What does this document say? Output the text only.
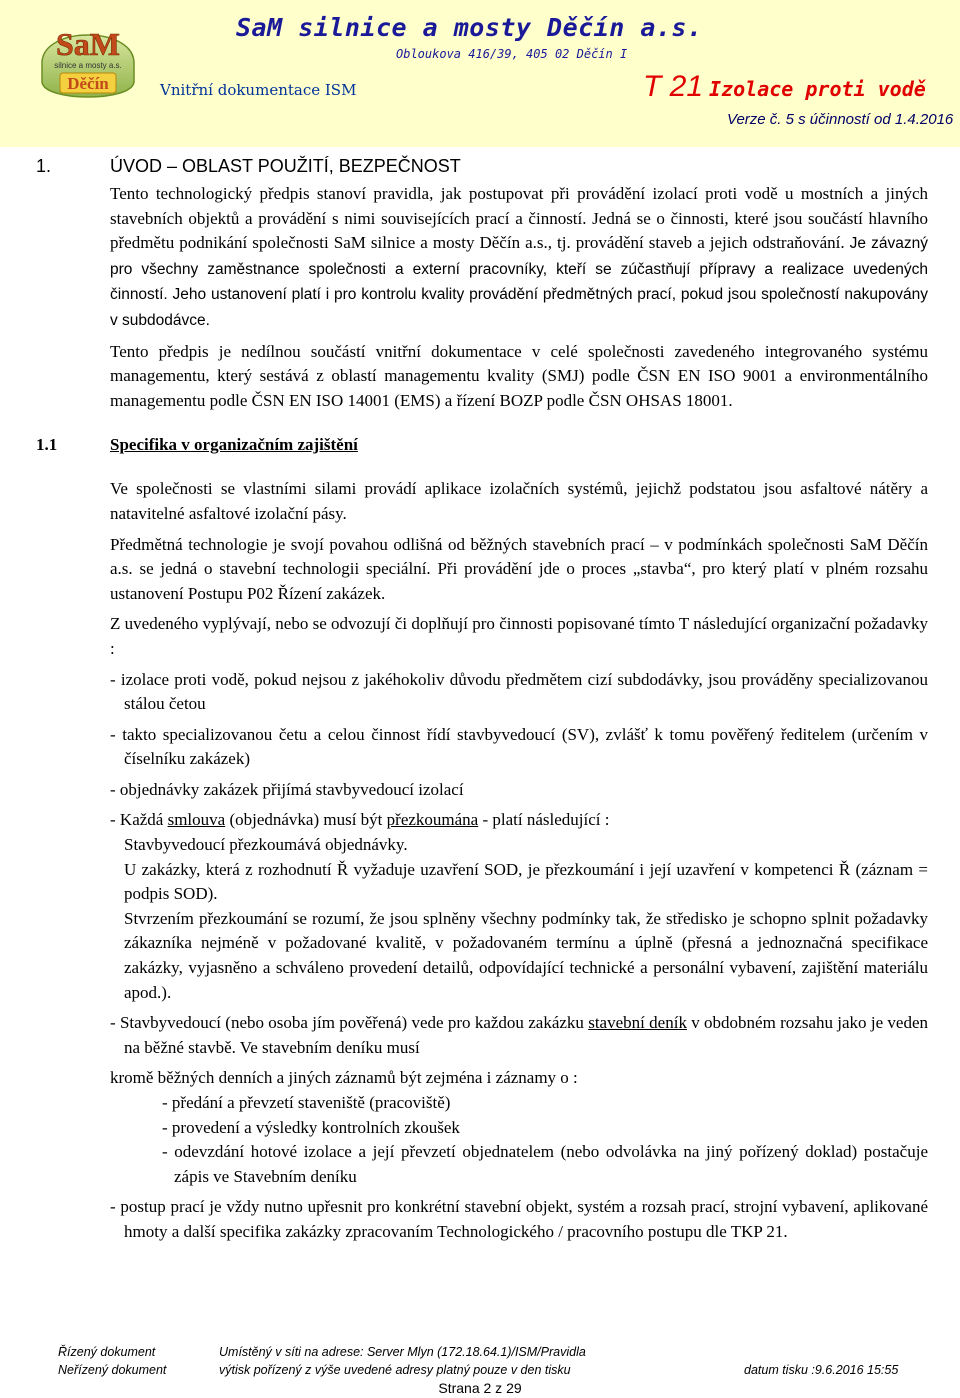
SaM
silnice a mosty a.s.
Děčín
SaM silnice a mosty Děčín a.s.
Obloukova 416/39, 405 02 Děčín I
Vnitřní dokumentace ISM	T 21 Izolace proti vodě
Verze č. 5 s účinností od 1.4.2016
1.	ÚVOD – OBLAST POUŽITÍ, BEZPEČNOST

Tento technologický předpis stanoví pravidla, jak postupovat při provádění izolací proti vodě u mostních a jiných stavebních objektů a provádění s nimi souvisejících prací a činností. Jedná se o činnosti, které jsou součástí hlavního předmětu podnikání společnosti SaM silnice a mosty Děčín a.s., tj. provádění staveb a jejich odstraňování. Je závazný pro všechny zaměstnance společnosti a externí pracovníky, kteří se zúčastňují přípravy a realizace uvedených činností. Jeho ustanovení platí i pro kontrolu kvality provádění předmětných prací, pokud jsou společností nakupovány v subdodávce.

Tento předpis je nedílnou součástí vnitřní dokumentace v celé společnosti zavedeného integrovaného systému managementu, který sestává z oblastí managementu kvality (SMJ) podle ČSN EN ISO 9001 a environmentálního managementu podle ČSN EN ISO 14001 (EMS) a řízení BOZP podle ČSN OHSAS 18001.

1.1	Specifika v organizačním zajištění

Ve společnosti se vlastními silami provádí aplikace izolačních systémů, jejichž podstatou jsou asfaltové nátěry a natavitelné asfaltové izolační pásy.

Předmětná technologie je svojí povahou odlišná od běžných stavebních prací – v podmínkách společnosti SaM Děčín a.s. se jedná o stavební technologii speciální. Při provádění jde o proces „stavba“, pro který platí v plném rozsahu ustanovení Postupu P02 Řízení zakázek.

Z uvedeného vyplývají, nebo se odvozují či doplňují pro činnosti popisované tímto T následující organizační požadavky :

- izolace proti vodě, pokud nejsou z jakéhokoliv důvodu předmětem cizí subdodávky, jsou prováděny specializovanou stálou četou

- takto specializovanou četu a celou činnost řídí stavbyvedoucí (SV), zvlášť k tomu pověřený ředitelem (určením v číselníku zakázek)

- objednávky zakázek přijímá stavbyvedoucí izolací

- Každá smlouva (objednávka) musí být přezkoumána - platí následující :

Stavbyvedoucí přezkoumává objednávky.

U zakázky, která z rozhodnutí Ř vyžaduje uzavření SOD, je přezkoumání i její uzavření v kompetenci Ř (záznam = podpis SOD).

Stvrzením přezkoumání se rozumí, že jsou splněny všechny podmínky tak, že středisko je schopno splnit požadavky zákazníka nejméně v požadované kvalitě, v požadovaném termínu a úplně (přesná a jednoznačná specifikace zakázky, vyjasněno a schváleno provedení detailů, odpovídající technické a personální vybavení, zajištění materiálu apod.).

- Stavbyvedoucí (nebo osoba jím pověřená) vede pro každou zakázku stavební deník v obdobném rozsahu jako je veden na běžné stavbě. Ve stavebním deníku musí

kromě běžných denních a jiných záznamů být zejména i záznamy o :

- předání a převzetí staveniště (pracoviště)

- provedení a výsledky kontrolních zkoušek

- odevzdání hotové izolace a její převzetí objednatelem (nebo odvolávka na jiný pořízený doklad) postačuje zápis ve Stavebním deníku

- postup prací je vždy nutno upřesnit pro konkrétní stavební objekt, systém a rozsah prací, strojní vybavení, aplikované hmoty a další specifika zakázky zpracovaním Technologického / pracovního postupu dle TKP 21.

Řízený dokument	Umístěný v síti na adrese: Server Mlyn (172.18.64.1)/ISM/Pravidla
Neřízený dokument	výtisk pořízený z výše uvedené adresy platný pouze v den tisku	datum tisku :9.6.2016 15:55
Strana 2 z 29
